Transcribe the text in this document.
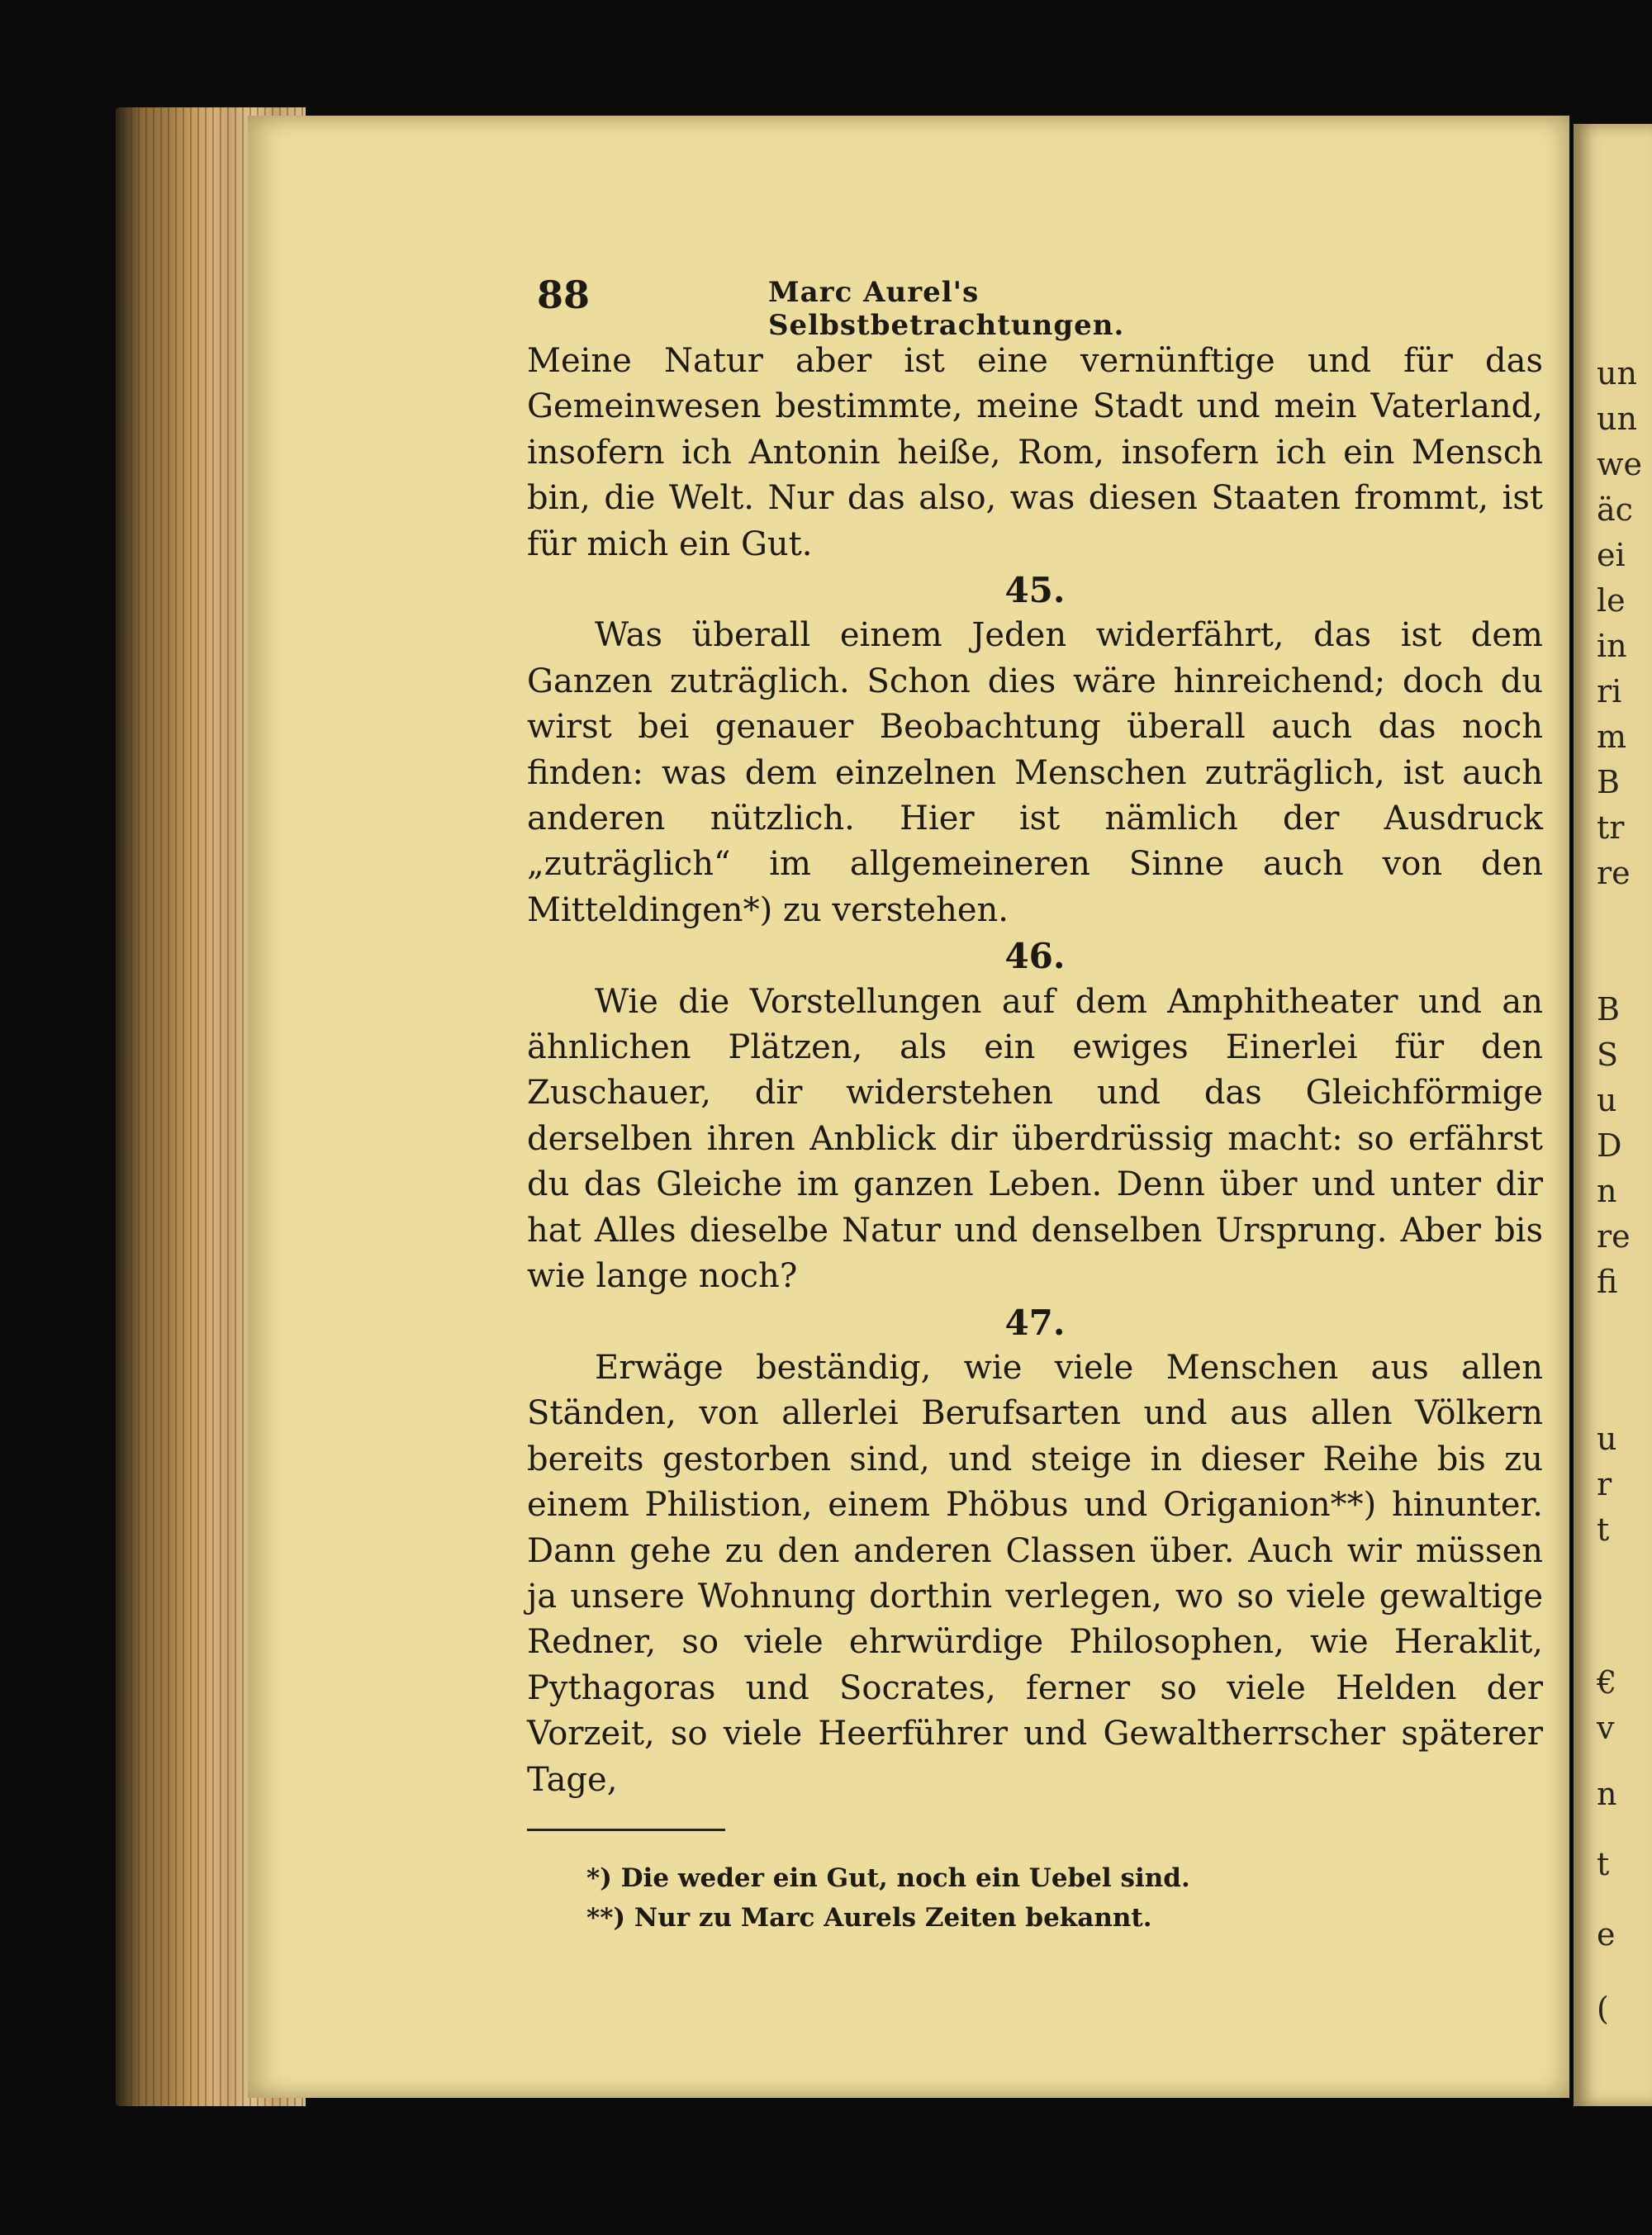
un
un
we
äc
ei
le
in
ri
m
B
tr
re
B
S
u
D
n
re
fi
u
r
t
€
v
n
t
e
(
88	Marc Aurel's Selbstbetrachtungen.

Meine Natur aber ist eine vernünftige und für das Gemeinwesen bestimmte, meine Stadt und mein Vaterland, insofern ich Antonin heiße, Rom, insofern ich ein Mensch bin, die Welt. Nur das also, was diesen Staaten frommt, ist für mich ein Gut.

45.

Was überall einem Jeden widerfährt, das ist dem Ganzen zuträglich. Schon dies wäre hinreichend; doch du wirst bei genauer Beobachtung überall auch das noch finden: was dem einzelnen Menschen zuträglich, ist auch anderen nützlich. Hier ist nämlich der Ausdruck „zuträglich“ im allgemeineren Sinne auch von den Mitteldingen*) zu verstehen.

46.

Wie die Vorstellungen auf dem Amphitheater und an ähnlichen Plätzen, als ein ewiges Einerlei für den Zuschauer, dir widerstehen und das Gleichförmige derselben ihren Anblick dir überdrüssig macht: so erfährst du das Gleiche im ganzen Leben. Denn über und unter dir hat Alles dieselbe Natur und denselben Ursprung. Aber bis wie lange noch?

47.

Erwäge beständig, wie viele Menschen aus allen Ständen, von allerlei Berufsarten und aus allen Völkern bereits gestorben sind, und steige in dieser Reihe bis zu einem Philistion, einem Phöbus und Origanion**) hinunter. Dann gehe zu den anderen Classen über. Auch wir müssen ja unsere Wohnung dorthin verlegen, wo so viele gewaltige Redner, so viele ehrwürdige Philosophen, wie Heraklit, Pythagoras und Socrates, ferner so viele Helden der Vorzeit, so viele Heerführer und Gewaltherrscher späterer Tage,

*) Die weder ein Gut, noch ein Uebel sind.

**) Nur zu Marc Aurels Zeiten bekannt.
